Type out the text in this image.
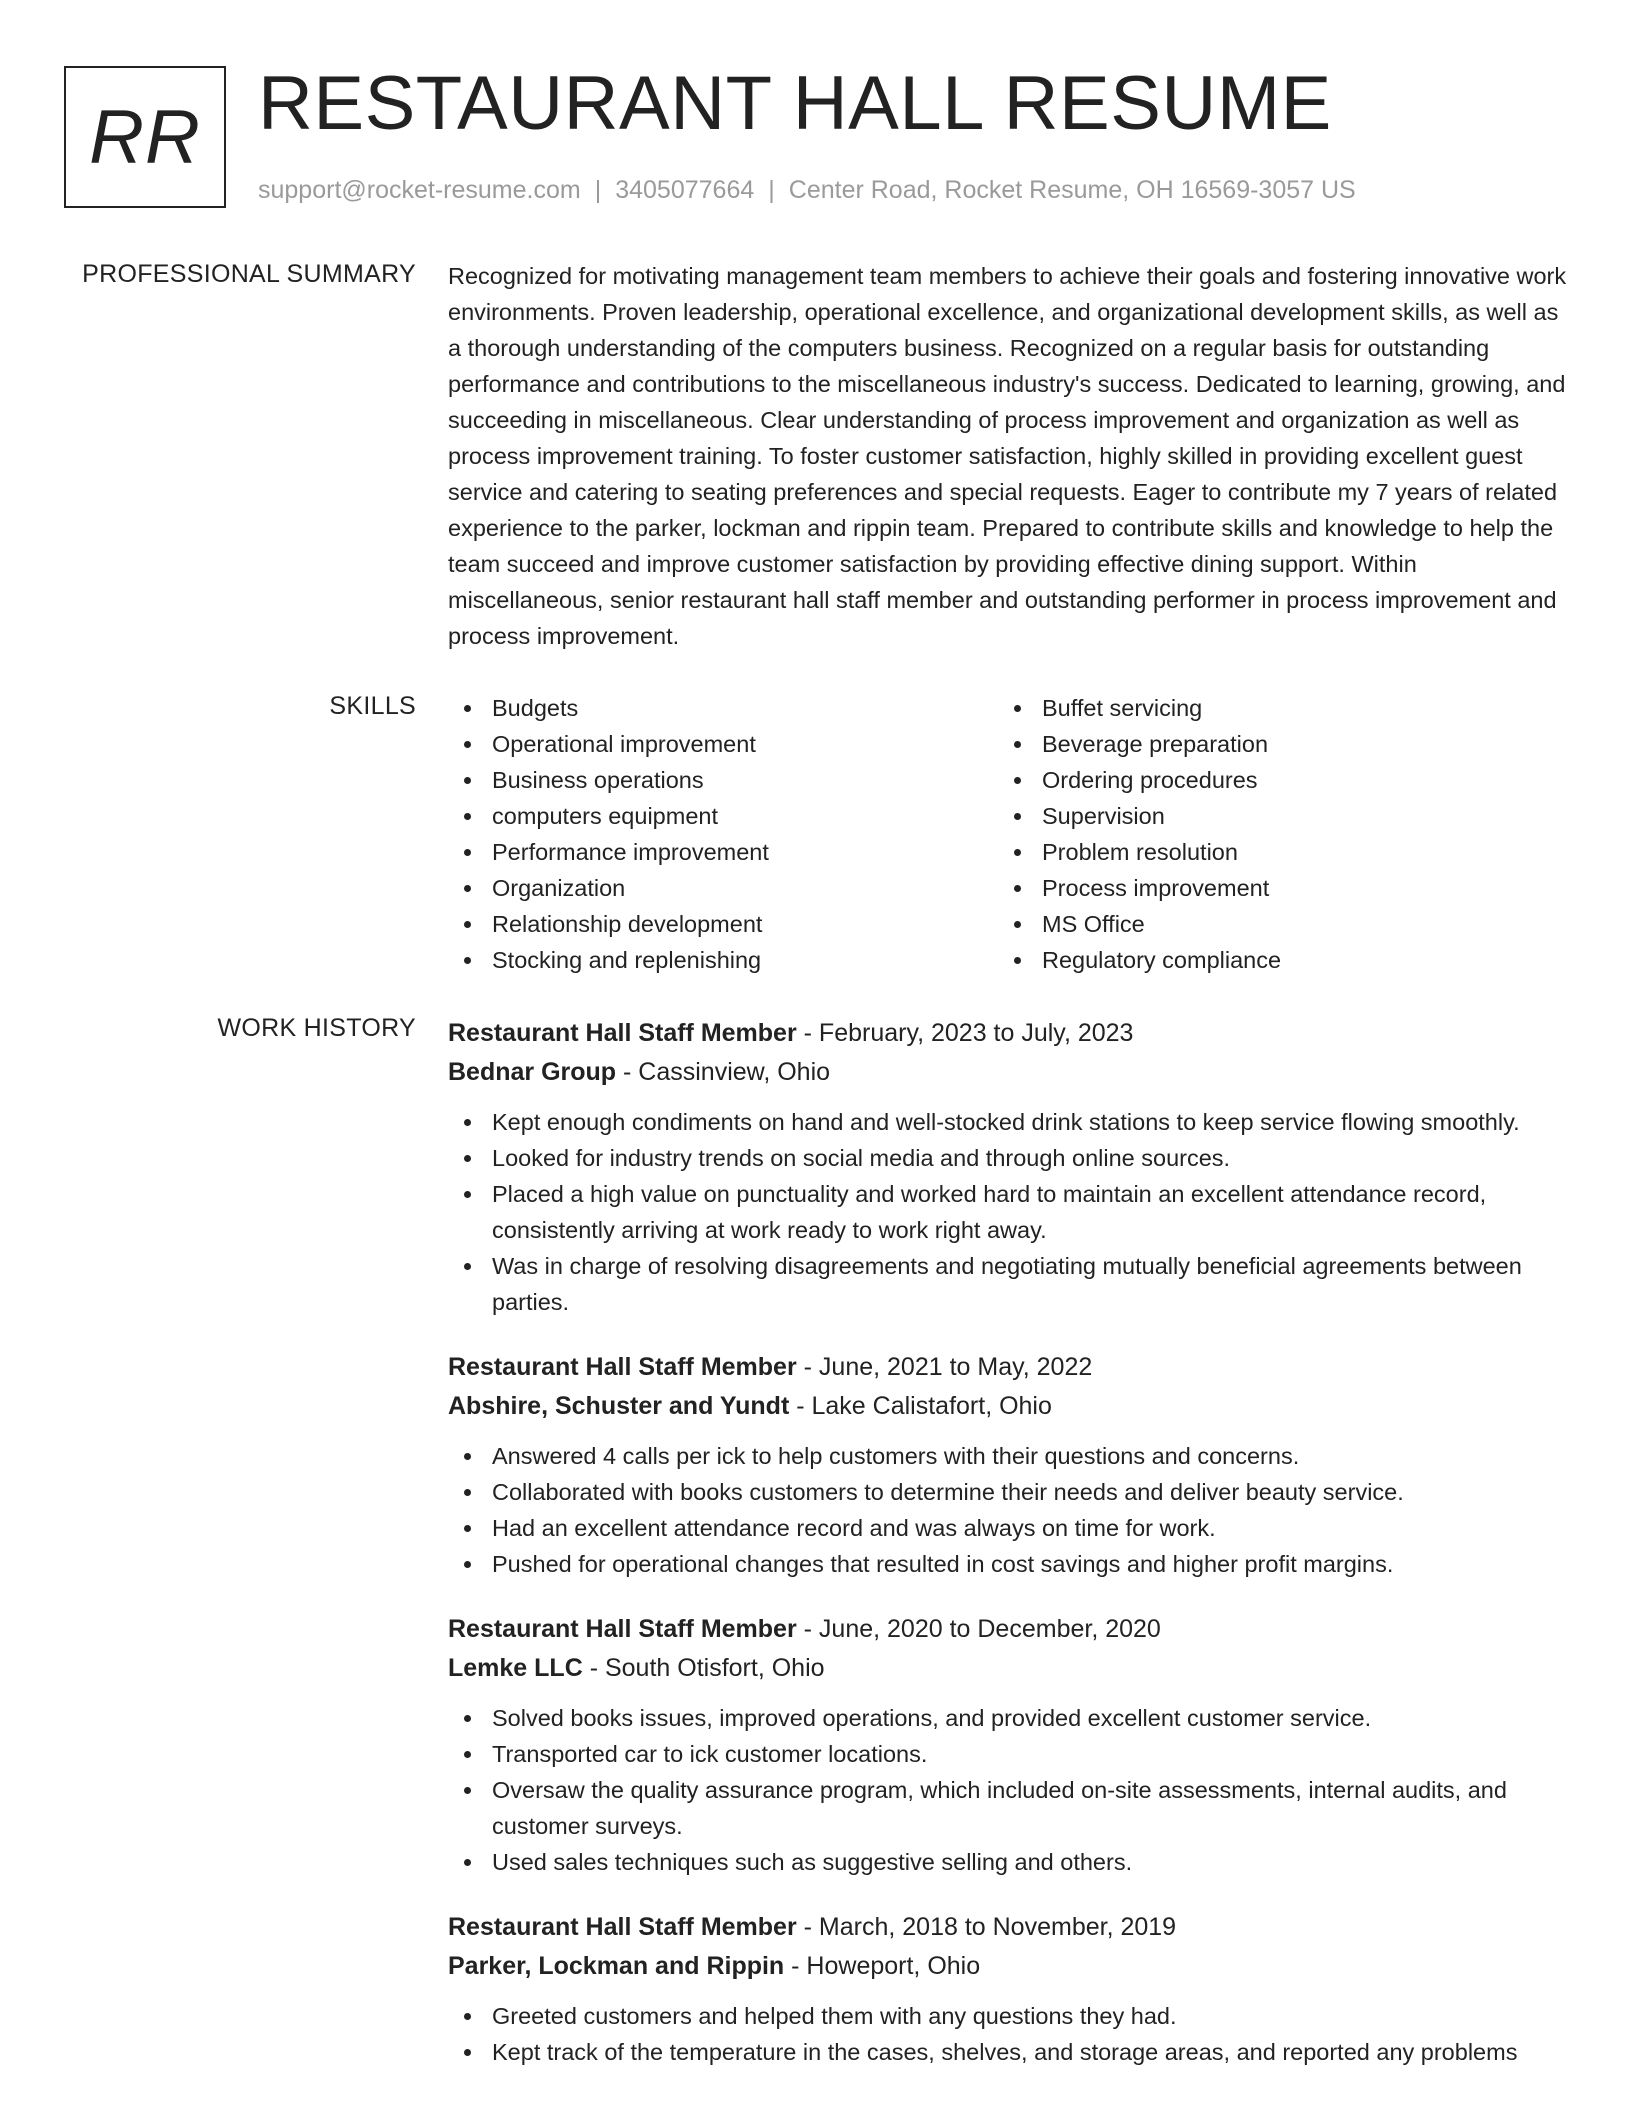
RR RESTAURANT HALL RESUME
support@rocket-resume.com | 3405077664 | Center Road, Rocket Resume, OH 16569-3057 US
PROFESSIONAL SUMMARY Recognized for motivating management team members to achieve their goals and fostering innovative work environments. Proven leadership, operational excellence, and organizational development skills, as well as a thorough understanding of the computers business. Recognized on a regular basis for outstanding performance and contributions to the miscellaneous industry's success. Dedicated to learning, growing, and succeeding in miscellaneous. Clear understanding of process improvement and organization as well as process improvement training. To foster customer satisfaction, highly skilled in providing excellent guest service and catering to seating preferences and special requests. Eager to contribute my 7 years of related experience to the parker, lockman and rippin team. Prepared to contribute skills and knowledge to help the team succeed and improve customer satisfaction by providing effective dining support. Within miscellaneous, senior restaurant hall staff member and outstanding performer in process improvement and process improvement.

SKILLS	Budgets
Operational improvement
Business operations
computers equipment
Performance improvement
Organization
Relationship development
Stocking and replenishing
Buffet servicing
Beverage preparation
Ordering procedures
Supervision
Problem resolution
Process improvement
MS Office
Regulatory compliance
WORK HISTORY Restaurant Hall Staff Member - February, 2023 to July, 2023
Bednar Group - Cassinview, Ohio
Kept enough condiments on hand and well-stocked drink stations to keep service flowing smoothly.
Looked for industry trends on social media and through online sources.
Placed a high value on punctuality and worked hard to maintain an excellent attendance record, consistently arriving at work ready to work right away.
Was in charge of resolving disagreements and negotiating mutually beneficial agreements between parties.
Restaurant Hall Staff Member - June, 2021 to May, 2022
Abshire, Schuster and Yundt - Lake Calistafort, Ohio
Answered 4 calls per ick to help customers with their questions and concerns.
Collaborated with books customers to determine their needs and deliver beauty service.
Had an excellent attendance record and was always on time for work.
Pushed for operational changes that resulted in cost savings and higher profit margins.
Restaurant Hall Staff Member - June, 2020 to December, 2020
Lemke LLC - South Otisfort, Ohio
Solved books issues, improved operations, and provided excellent customer service.
Transported car to ick customer locations.
Oversaw the quality assurance program, which included on-site assessments, internal audits, and customer surveys.
Used sales techniques such as suggestive selling and others.
Restaurant Hall Staff Member - March, 2018 to November, 2019
Parker, Lockman and Rippin - Howeport, Ohio
Greeted customers and helped them with any questions they had.
Kept track of the temperature in the cases, shelves, and storage areas, and reported any problems
